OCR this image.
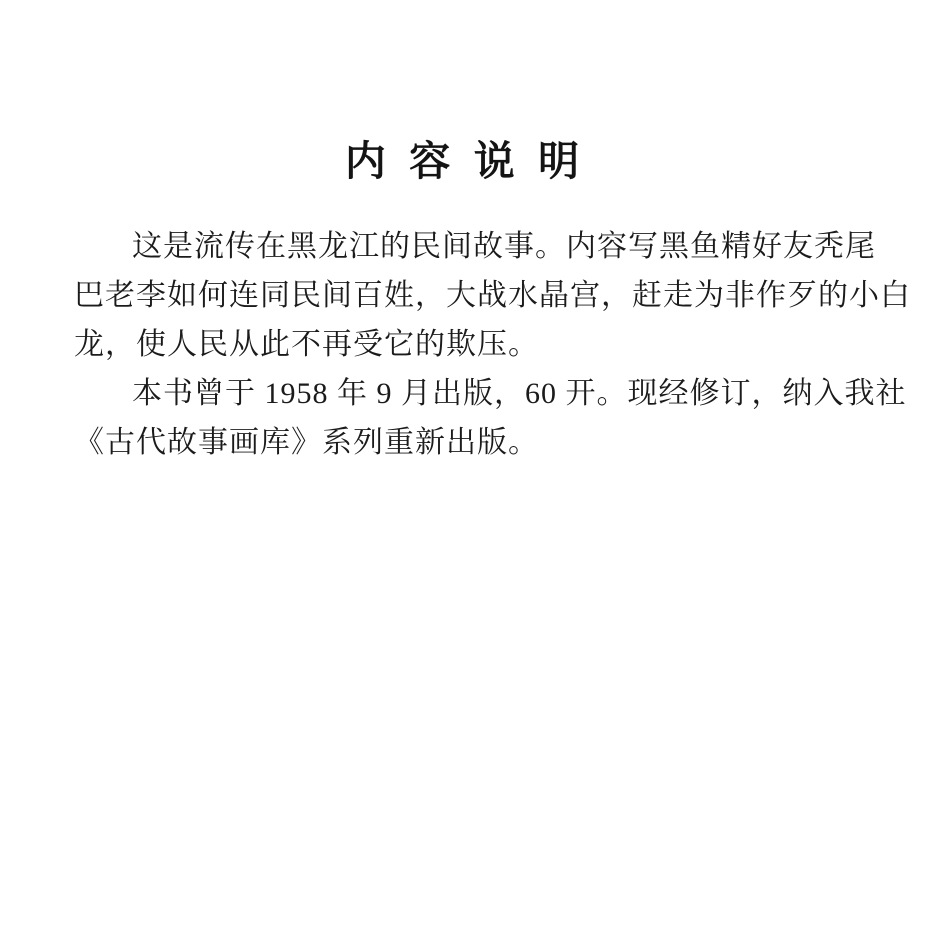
内 容 说 明

这是流传在黑龙江的民间故事。内容写黑鱼精好友秃尾
巴老李如何连同民间百姓，大战水晶宫，赶走为非作歹的小白
龙，使人民从此不再受它的欺压。

本书曾于 1958 年 9 月出版，60 开。现经修订，纳入我社
《古代故事画库》系列重新出版。
